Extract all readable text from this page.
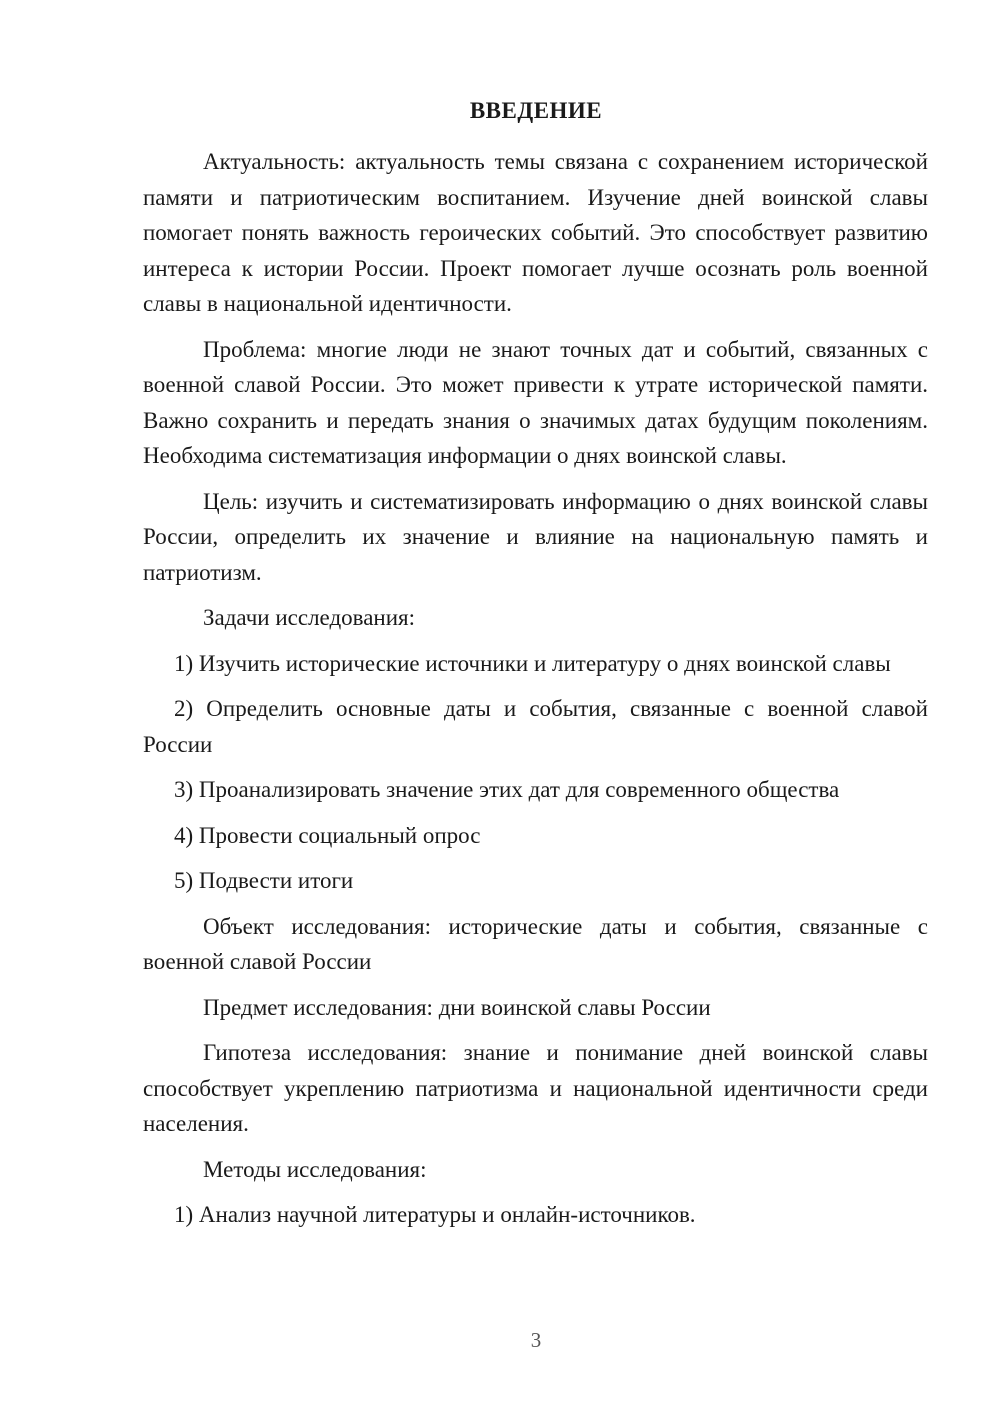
ВВЕДЕНИЕ

Актуальность: актуальность темы связана с сохранением исторической памяти и патриотическим воспитанием. Изучение дней воинской славы помогает понять важность героических событий. Это способствует развитию интереса к истории России. Проект помогает лучше осознать роль военной славы в национальной идентичности.

Проблема: многие люди не знают точных дат и событий, связанных с военной славой России. Это может привести к утрате исторической памяти. Важно сохранить и передать знания о значимых датах будущим поколениям. Необходима систематизация информации о днях воинской славы.

Цель: изучить и систематизировать информацию о днях воинской славы России, определить их значение и влияние на национальную память и патриотизм.

Задачи исследования:

1) Изучить исторические источники и литературу о днях воинской славы

2) Определить основные даты и события, связанные с военной славой России

3) Проанализировать значение этих дат для современного общества

4) Провести социальный опрос

5) Подвести итоги

Объект исследования: исторические даты и события, связанные с военной славой России

Предмет исследования: дни воинской славы России

Гипотеза исследования: знание и понимание дней воинской славы способствует укреплению патриотизма и национальной идентичности среди населения.

Методы исследования:

1) Анализ научной литературы и онлайн-источников.

3
